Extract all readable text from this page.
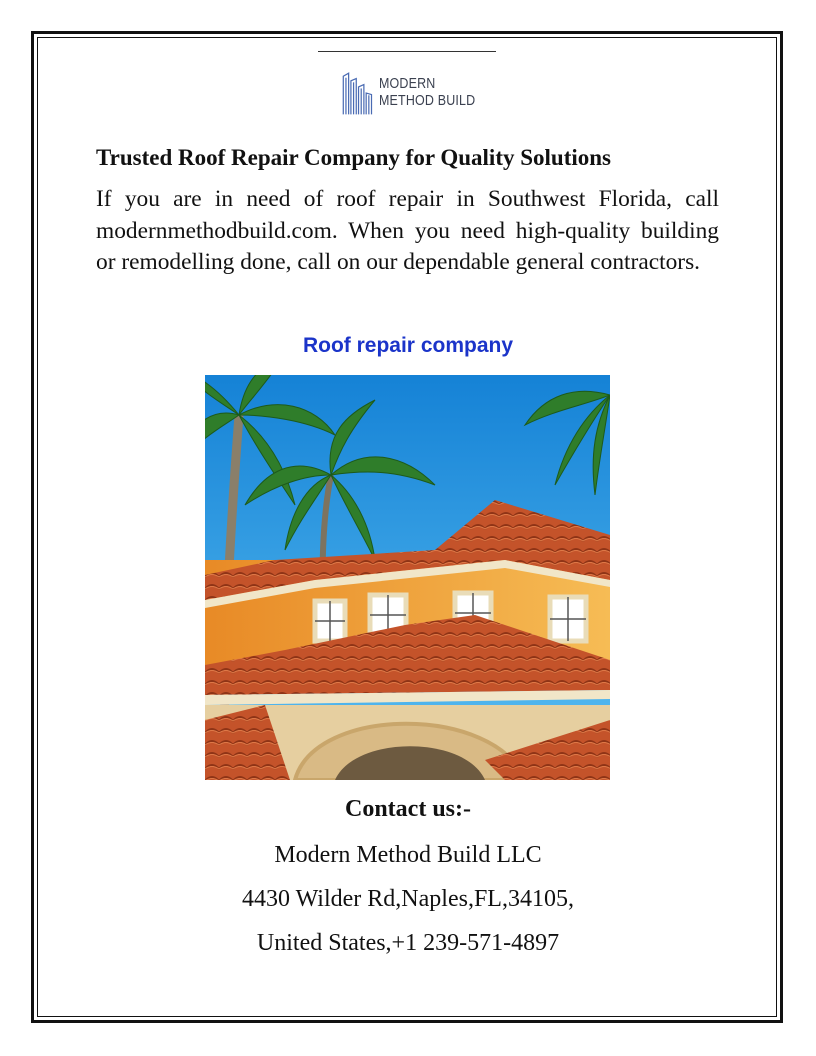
MODERN
METHOD BUILD
Trusted Roof Repair Company for Quality Solutions

If you are in need of roof repair in Southwest Florida, call modernmethodbuild.com. When you need high-quality building or remodelling done, call on our dependable general contractors.

Roof repair company
Contact us:-
Modern Method Build LLC
4430 Wilder Rd,Naples,FL,34105,
United States,+1 239-571-4897
